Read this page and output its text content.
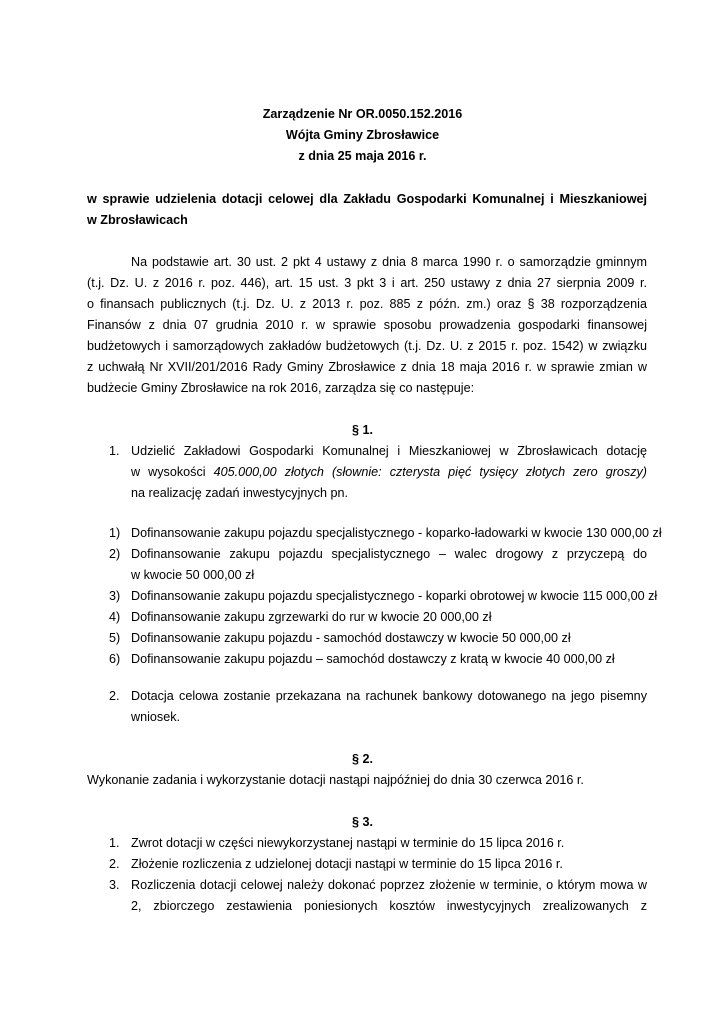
Zarządzenie Nr OR.0050.152.2016
Wójta Gminy Zbrosławice
z dnia 25 maja 2016 r.
w sprawie udzielenia dotacji celowej dla Zakładu Gospodarki Komunalnej i Mieszkaniowej
w Zbrosławicach
Na podstawie art. 30 ust. 2 pkt 4 ustawy z dnia 8 marca 1990 r. o samorządzie gminnym
(t.j. Dz. U. z 2016 r. poz. 446), art. 15 ust. 3 pkt 3 i art. 250 ustawy z dnia 27 sierpnia 2009 r.
o finansach publicznych (t.j. Dz. U. z 2013 r. poz. 885 z późn. zm.) oraz § 38 rozporządzenia
Finansów z dnia 07 grudnia 2010 r. w sprawie sposobu prowadzenia gospodarki finansowej
budżetowych i samorządowych zakładów budżetowych (t.j. Dz. U. z 2015 r. poz. 1542) w związku
z uchwałą Nr XVII/201/2016 Rady Gminy Zbrosławice z dnia 18 maja 2016 r. w sprawie zmian w
budżecie Gminy Zbrosławice na rok 2016, zarządza się co następuje:
§ 1.
1. Udzielić Zakładowi Gospodarki Komunalnej i Mieszkaniowej w Zbrosławicach dotację
w wysokości 405.000,00 złotych (słownie: czterysta pięć tysięcy złotych zero groszy)
na realizację zadań inwestycyjnych pn.
1) Dofinansowanie zakupu pojazdu specjalistycznego - koparko-ładowarki w kwocie 130 000,00 zł
2) Dofinansowanie zakupu pojazdu specjalistycznego – walec drogowy z przyczepą do
w kwocie 50 000,00 zł
3) Dofinansowanie zakupu pojazdu specjalistycznego - koparki obrotowej w kwocie 115 000,00 zł
4) Dofinansowanie zakupu zgrzewarki do rur w kwocie 20 000,00 zł
5) Dofinansowanie zakupu pojazdu - samochód dostawczy w kwocie 50 000,00 zł
6) Dofinansowanie zakupu pojazdu – samochód dostawczy z kratą w kwocie 40 000,00 zł
2. Dotacja celowa zostanie przekazana na rachunek bankowy dotowanego na jego pisemny
wniosek.
§ 2.
Wykonanie zadania i wykorzystanie dotacji nastąpi najpóźniej do dnia 30 czerwca 2016 r.
§ 3.
1. Zwrot dotacji w części niewykorzystanej nastąpi w terminie do 15 lipca 2016 r.
2. Złożenie rozliczenia z udzielonej dotacji nastąpi w terminie do 15 lipca 2016 r.
3. Rozliczenia dotacji celowej należy dokonać poprzez złożenie w terminie, o którym mowa w
2, zbiorczego zestawienia poniesionych kosztów inwestycyjnych zrealizowanych z
